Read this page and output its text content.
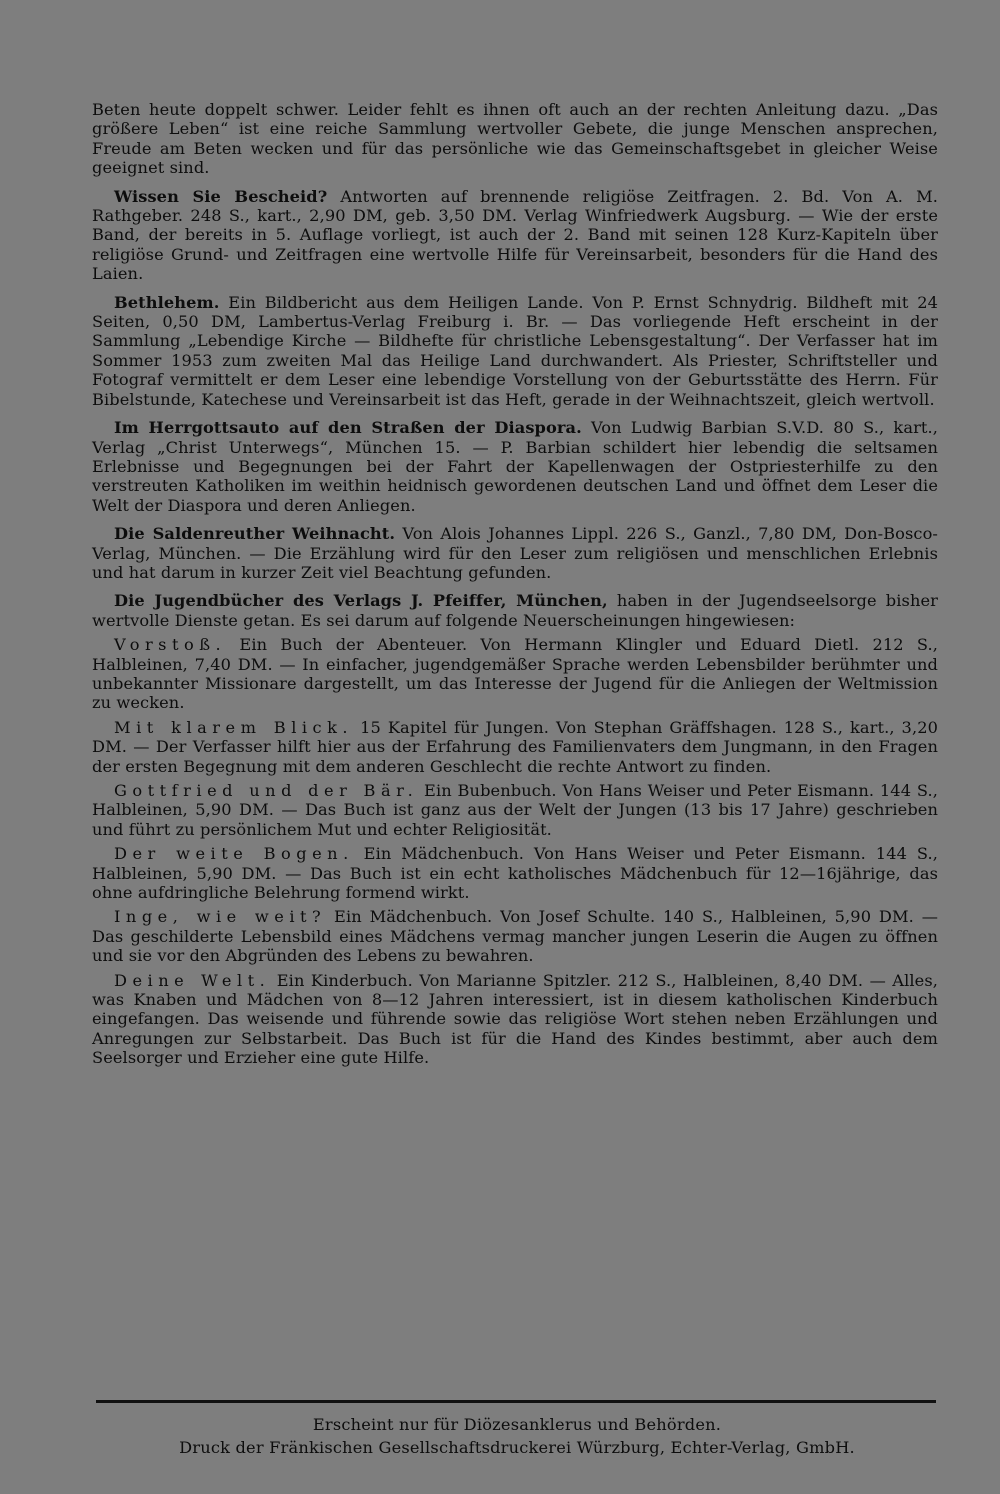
Beten heute doppelt schwer. Leider fehlt es ihnen oft auch an der rechten Anleitung dazu. „Das größere Leben“ ist eine reiche Sammlung wertvoller Gebete, die junge Menschen ansprechen, Freude am Beten wecken und für das persönliche wie das Gemeinschaftsgebet in gleicher Weise geeignet sind.

Wissen Sie Bescheid? Antworten auf brennende religiöse Zeitfragen. 2. Bd. Von A. M. Rathgeber. 248 S., kart., 2,90 DM, geb. 3,50 DM. Verlag Winfriedwerk Augsburg. — Wie der erste Band, der bereits in 5. Auflage vorliegt, ist auch der 2. Band mit seinen 128 Kurz-Kapiteln über religiöse Grund- und Zeitfragen eine wertvolle Hilfe für Vereinsarbeit, besonders für die Hand des Laien.

Bethlehem. Ein Bildbericht aus dem Heiligen Lande. Von P. Ernst Schnydrig. Bildheft mit 24 Seiten, 0,50 DM, Lambertus-Verlag Freiburg i. Br. — Das vorliegende Heft erscheint in der Sammlung „Lebendige Kirche — Bildhefte für christliche Lebensgestaltung“. Der Verfasser hat im Sommer 1953 zum zweiten Mal das Heilige Land durchwandert. Als Priester, Schriftsteller und Fotograf vermittelt er dem Leser eine lebendige Vorstellung von der Geburtsstätte des Herrn. Für Bibelstunde, Katechese und Vereinsarbeit ist das Heft, gerade in der Weihnachtszeit, gleich wertvoll.

Im Herrgottsauto auf den Straßen der Diaspora. Von Ludwig Barbian S.V.D. 80 S., kart., Verlag „Christ Unterwegs“, München 15. — P. Barbian schildert hier lebendig die seltsamen Erlebnisse und Begegnungen bei der Fahrt der Kapellenwagen der Ostpriesterhilfe zu den verstreuten Katholiken im weithin heidnisch gewordenen deutschen Land und öffnet dem Leser die Welt der Diaspora und deren Anliegen.

Die Saldenreuther Weihnacht. Von Alois Johannes Lippl. 226 S., Ganzl., 7,80 DM, Don-Bosco-Verlag, München. — Die Erzählung wird für den Leser zum religiösen und menschlichen Erlebnis und hat darum in kurzer Zeit viel Beachtung gefunden.

Die Jugendbücher des Verlags J. Pfeiffer, München, haben in der Jugendseelsorge bisher wertvolle Dienste getan. Es sei darum auf folgende Neuerscheinungen hingewiesen:

Vorstoß. Ein Buch der Abenteuer. Von Hermann Klingler und Eduard Dietl. 212 S., Halbleinen, 7,40 DM. — In einfacher, jugendgemäßer Sprache werden Lebensbilder berühmter und unbekannter Missionare dargestellt, um das Interesse der Jugend für die Anliegen der Weltmission zu wecken.

Mit klarem Blick. 15 Kapitel für Jungen. Von Stephan Gräffshagen. 128 S., kart., 3,20 DM. — Der Verfasser hilft hier aus der Erfahrung des Familienvaters dem Jungmann, in den Fragen der ersten Begegnung mit dem anderen Geschlecht die rechte Antwort zu finden.

Gottfried und der Bär. Ein Bubenbuch. Von Hans Weiser und Peter Eismann. 144 S., Halbleinen, 5,90 DM. — Das Buch ist ganz aus der Welt der Jungen (13 bis 17 Jahre) geschrieben und führt zu persönlichem Mut und echter Religiosität.

Der weite Bogen. Ein Mädchenbuch. Von Hans Weiser und Peter Eismann. 144 S., Halbleinen, 5,90 DM. — Das Buch ist ein echt katholisches Mädchenbuch für 12—16jährige, das ohne aufdringliche Belehrung formend wirkt.

Inge, wie weit? Ein Mädchenbuch. Von Josef Schulte. 140 S., Halbleinen, 5,90 DM. — Das geschilderte Lebensbild eines Mädchens vermag mancher jungen Leserin die Augen zu öffnen und sie vor den Abgründen des Lebens zu bewahren.

Deine Welt. Ein Kinderbuch. Von Marianne Spitzler. 212 S., Halbleinen, 8,40 DM. — Alles, was Knaben und Mädchen von 8—12 Jahren interessiert, ist in diesem katholischen Kinderbuch eingefangen. Das weisende und führende sowie das religiöse Wort stehen neben Erzählungen und Anregungen zur Selbstarbeit. Das Buch ist für die Hand des Kindes bestimmt, aber auch dem Seelsorger und Erzieher eine gute Hilfe.

Erscheint nur für Diözesanklerus und Behörden.
Druck der Fränkischen Gesellschaftsdruckerei Würzburg, Echter-Verlag, GmbH.
